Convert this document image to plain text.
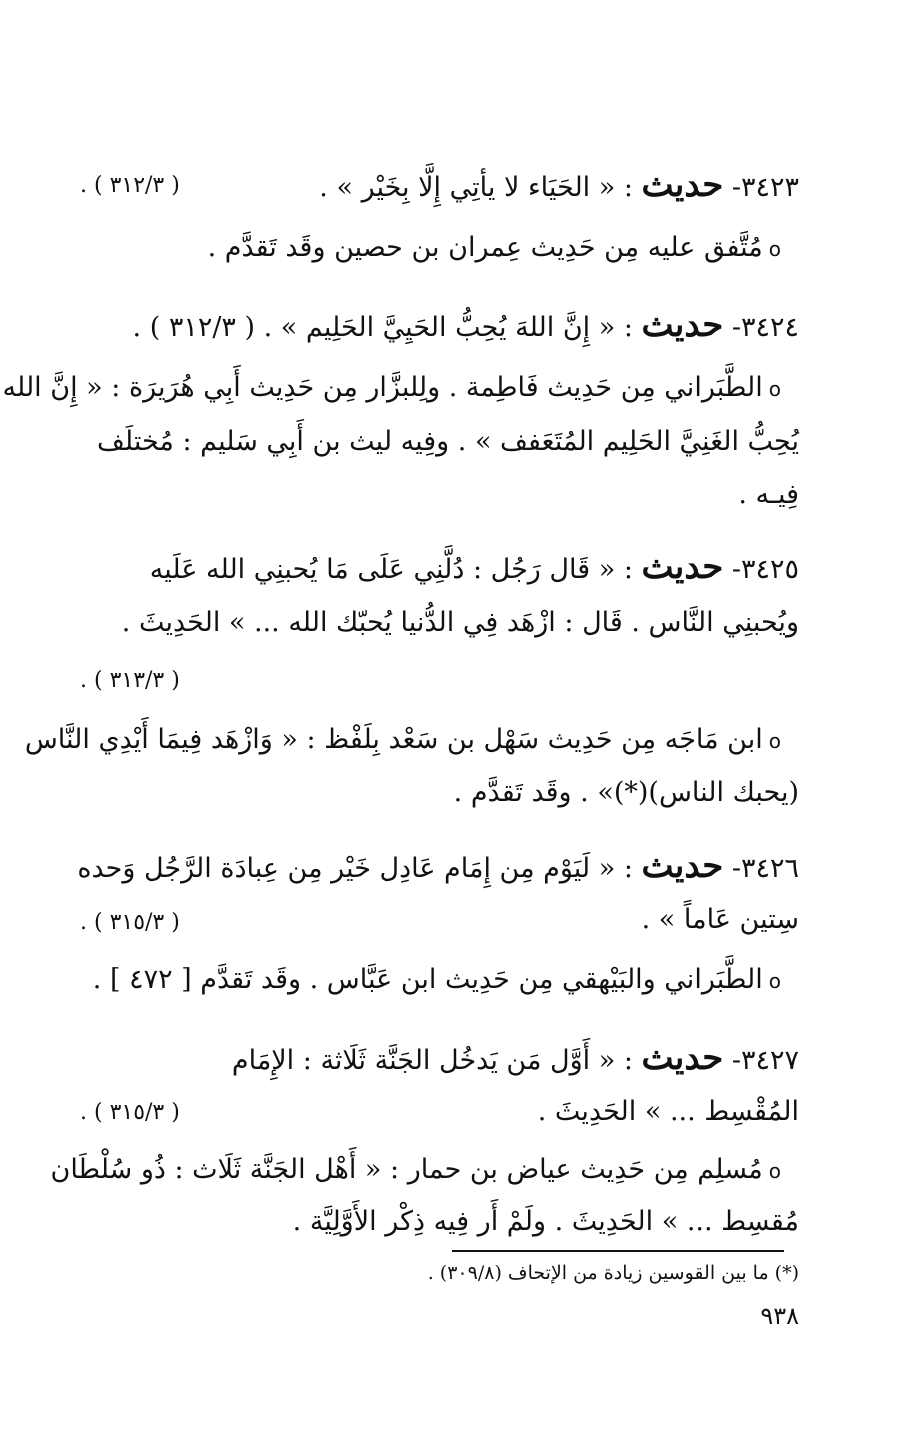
٣٤٢٣- حديث : « الحَيَاء لا يأتِي إِلَّا بِخَيْر » .
( ٣١٢/٣ ) .
oمُتَّفق عليه مِن حَدِيث عِمران بن حصين وقَد تَقدَّم .
٣٤٢٤- حديث : « إِنَّ اللهَ يُحِبُّ الحَيِيَّ الحَلِيم » . ( ٣١٢/٣ ) .
oالطَّبَراني مِن حَدِيث فَاطِمة . ولِلبزَّار مِن حَدِيث أَبِي هُرَيرَة : « إِنَّ الله
يُحِبُّ الغَنِيَّ الحَلِيم المُتَعَفف » . وفِيه ليث بن أَبِي سَليم : مُختلَف
فِيـه .
٣٤٢٥- حديث : « قَال رَجُل : دُلَّنِي عَلَى مَا يُحبنِي الله عَلَيه
ويُحبنِي النَّاس . قَال : ازْهَد فِي الدُّنيا يُحبّك الله ... » الحَدِيثَ .
( ٣١٣/٣ ) .
oابن مَاجَه مِن حَدِيث سَهْل بن سَعْد بِلَفْظ : « وَازْهَد فِيمَا أَيْدِي النَّاس
(يحبك الناس)(*)» . وقَد تَقدَّم .
٣٤٢٦- حديث : « لَيَوْم مِن إِمَام عَادِل خَيْر مِن عِبادَة الرَّجُل وَحده
سِتين عَاماً » .
( ٣١٥/٣ ) .
oالطَّبَراني والبَيْهقي مِن حَدِيث ابن عَبَّاس . وقَد تَقدَّم [ ٤٧٢ ] .
٣٤٢٧- حديث : « أَوَّل مَن يَدخُل الجَنَّة ثَلَاثة : الإِمَام
المُقْسِط ... » الحَدِيثَ .
( ٣١٥/٣ ) .
oمُسلِم مِن حَدِيث عياض بن حمار : « أَهْل الجَنَّة ثَلَاث : ذُو سُلْطَان
مُقسِط ... » الحَدِيثَ . ولَمْ أَر فِيه ذِكْر الأَوَّلِيَّة .
(*) ما بين القوسين زيادة من الإتحاف (٣٠٩/٨) .
٩٣٨
